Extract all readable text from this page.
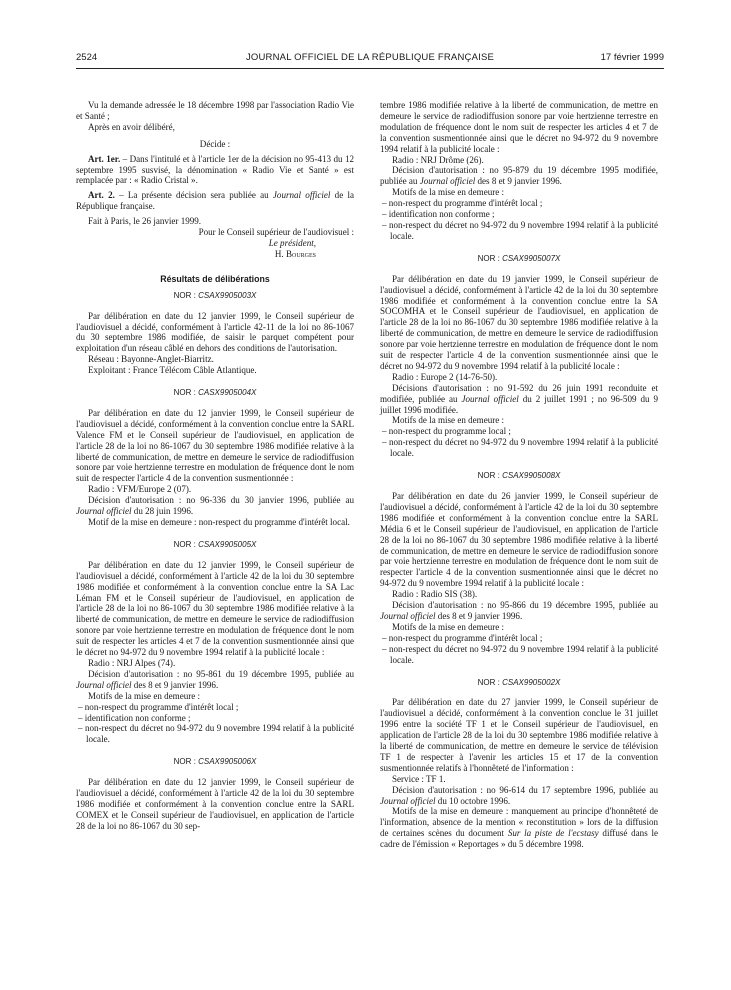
2524	JOURNAL OFFICIEL DE LA RÉPUBLIQUE FRANÇAISE	17 février 1999

Vu la demande adressée le 18 décembre 1998 par l'association Radio Vie et Santé ;

Après en avoir délibéré,

Décide :

Art. 1er. – Dans l'intitulé et à l'article 1er de la décision no 95-413 du 12 septembre 1995 susvisé, la dénomination « Radio Vie et Santé » est remplacée par : « Radio Cristal ».

Art. 2. – La présente décision sera publiée au Journal officiel de la République française.

Fait à Paris, le 26 janvier 1999.

Pour le Conseil supérieur de l'audiovisuel :

Le président,

H. Bourges

Résultats de délibérations

NOR : CSAX9905003X

Par délibération en date du 12 janvier 1999, le Conseil supérieur de l'audiovisuel a décidé, conformément à l'article 42-11 de la loi no 86-1067 du 30 septembre 1986 modifiée, de saisir le parquet compétent pour exploitation d'un réseau câblé en dehors des conditions de l'autorisation.

Réseau : Bayonne-Anglet-Biarritz.

Exploitant : France Télécom Câble Atlantique.

NOR : CASX9905004X

Par délibération en date du 12 janvier 1999, le Conseil supérieur de l'audiovisuel a décidé, conformément à la convention conclue entre la SARL Valence FM et le Conseil supérieur de l'audiovisuel, en application de l'article 28 de la loi no 86-1067 du 30 septembre 1986 modifiée relative à la liberté de communication, de mettre en demeure le service de radiodiffusion sonore par voie hertzienne terrestre en modulation de fréquence dont le nom suit de respecter l'article 4 de la convention susmentionnée :

Radio : VFM/Europe 2 (07).

Décision d'autorisation : no 96-336 du 30 janvier 1996, publiée au Journal officiel du 28 juin 1996.

Motif de la mise en demeure : non-respect du programme d'intérêt local.

NOR : CSAX9905005X

Par délibération en date du 12 janvier 1999, le Conseil supérieur de l'audiovisuel a décidé, conformément à l'article 42 de la loi du 30 septembre 1986 modifiée et conformément à la convention conclue entre la SA Lac Léman FM et le Conseil supérieur de l'audiovisuel, en application de l'article 28 de la loi no 86-1067 du 30 septembre 1986 modifiée relative à la liberté de communication, de mettre en demeure le service de radiodiffusion sonore par voie hertzienne terrestre en modulation de fréquence dont le nom suit de respecter les articles 4 et 7 de la convention susmentionnée ainsi que le décret no 94-972 du 9 novembre 1994 relatif à la publicité locale :

Radio : NRJ Alpes (74).

Décision d'autorisation : no 95-861 du 19 décembre 1995, publiée au Journal officiel des 8 et 9 janvier 1996.

Motifs de la mise en demeure :

– non-respect du programme d'intérêt local ;

– identification non conforme ;

– non-respect du décret no 94-972 du 9 novembre 1994 relatif à la publicité locale.

NOR : CSAX9905006X

Par délibération en date du 12 janvier 1999, le Conseil supérieur de l'audiovisuel a décidé, conformément à l'article 42 de la loi du 30 septembre 1986 modifiée et conformément à la convention conclue entre la SARL COMEX et le Conseil supérieur de l'audiovisuel, en application de l'article 28 de la loi no 86-1067 du 30 sep-

tembre 1986 modifiée relative à la liberté de communication, de mettre en demeure le service de radiodiffusion sonore par voie hertzienne terrestre en modulation de fréquence dont le nom suit de respecter les articles 4 et 7 de la convention susmentionnée ainsi que le décret no 94-972 du 9 novembre 1994 relatif à la publicité locale :

Radio : NRJ Drôme (26).

Décision d'autorisation : no 95-879 du 19 décembre 1995 modifiée, publiée au Journal officiel des 8 et 9 janvier 1996.

Motifs de la mise en demeure :

– non-respect du programme d'intérêt local ;

– identification non conforme ;

– non-respect du décret no 94-972 du 9 novembre 1994 relatif à la publicité locale.

NOR : CSAX9905007X

Par délibération en date du 19 janvier 1999, le Conseil supérieur de l'audiovisuel a décidé, conformément à l'article 42 de la loi du 30 septembre 1986 modifiée et conformément à la convention conclue entre la SA SOCOMHA et le Conseil supérieur de l'audiovisuel, en application de l'article 28 de la loi no 86-1067 du 30 septembre 1986 modifiée relative à la liberté de communication, de mettre en demeure le service de radiodiffusion sonore par voie hertzienne terrestre en modulation de fréquence dont le nom suit de respecter l'article 4 de la convention susmentionnée ainsi que le décret no 94-972 du 9 novembre 1994 relatif à la publicité locale :

Radio : Europe 2 (14-76-50).

Décisions d'autorisation : no 91-592 du 26 juin 1991 reconduite et modifiée, publiée au Journal officiel du 2 juillet 1991 ; no 96-509 du 9 juillet 1996 modifiée.

Motifs de la mise en demeure :

– non-respect du programme local ;

– non-respect du décret no 94-972 du 9 novembre 1994 relatif à la publicité locale.

NOR : CSAX9905008X

Par délibération en date du 26 janvier 1999, le Conseil supérieur de l'audiovisuel a décidé, conformément à l'article 42 de la loi du 30 septembre 1986 modifiée et conformément à la convention conclue entre la SARL Média 6 et le Conseil supérieur de l'audiovisuel, en application de l'article 28 de la loi no 86-1067 du 30 septembre 1986 modifiée relative à la liberté de communication, de mettre en demeure le service de radiodiffusion sonore par voie hertzienne terrestre en modulation de fréquence dont le nom suit de respecter l'article 4 de la convention susmentionnée ainsi que le décret no 94-972 du 9 novembre 1994 relatif à la publicité locale :

Radio : Radio SIS (38).

Décision d'autorisation : no 95-866 du 19 décembre 1995, publiée au Journal officiel des 8 et 9 janvier 1996.

Motifs de la mise en demeure :

– non-respect du programme d'intérêt local ;

– non-respect du décret no 94-972 du 9 novembre 1994 relatif à la publicité locale.

NOR : CSAX9905002X

Par délibération en date du 27 janvier 1999, le Conseil supérieur de l'audiovisuel a décidé, conformément à la convention conclue le 31 juillet 1996 entre la société TF 1 et le Conseil supérieur de l'audiovisuel, en application de l'article 28 de la loi du 30 septembre 1986 modifiée relative à la liberté de communication, de mettre en demeure le service de télévision TF 1 de respecter à l'avenir les articles 15 et 17 de la convention susmentionnée relatifs à l'honnêteté de l'information :

Service : TF 1.

Décision d'autorisation : no 96-614 du 17 septembre 1996, publiée au Journal officiel du 10 octobre 1996.

Motifs de la mise en demeure : manquement au principe d'honnêteté de l'information, absence de la mention « reconstitution » lors de la diffusion de certaines scènes du document Sur la piste de l'ecstasy diffusé dans le cadre de l'émission « Reportages » du 5 décembre 1998.
